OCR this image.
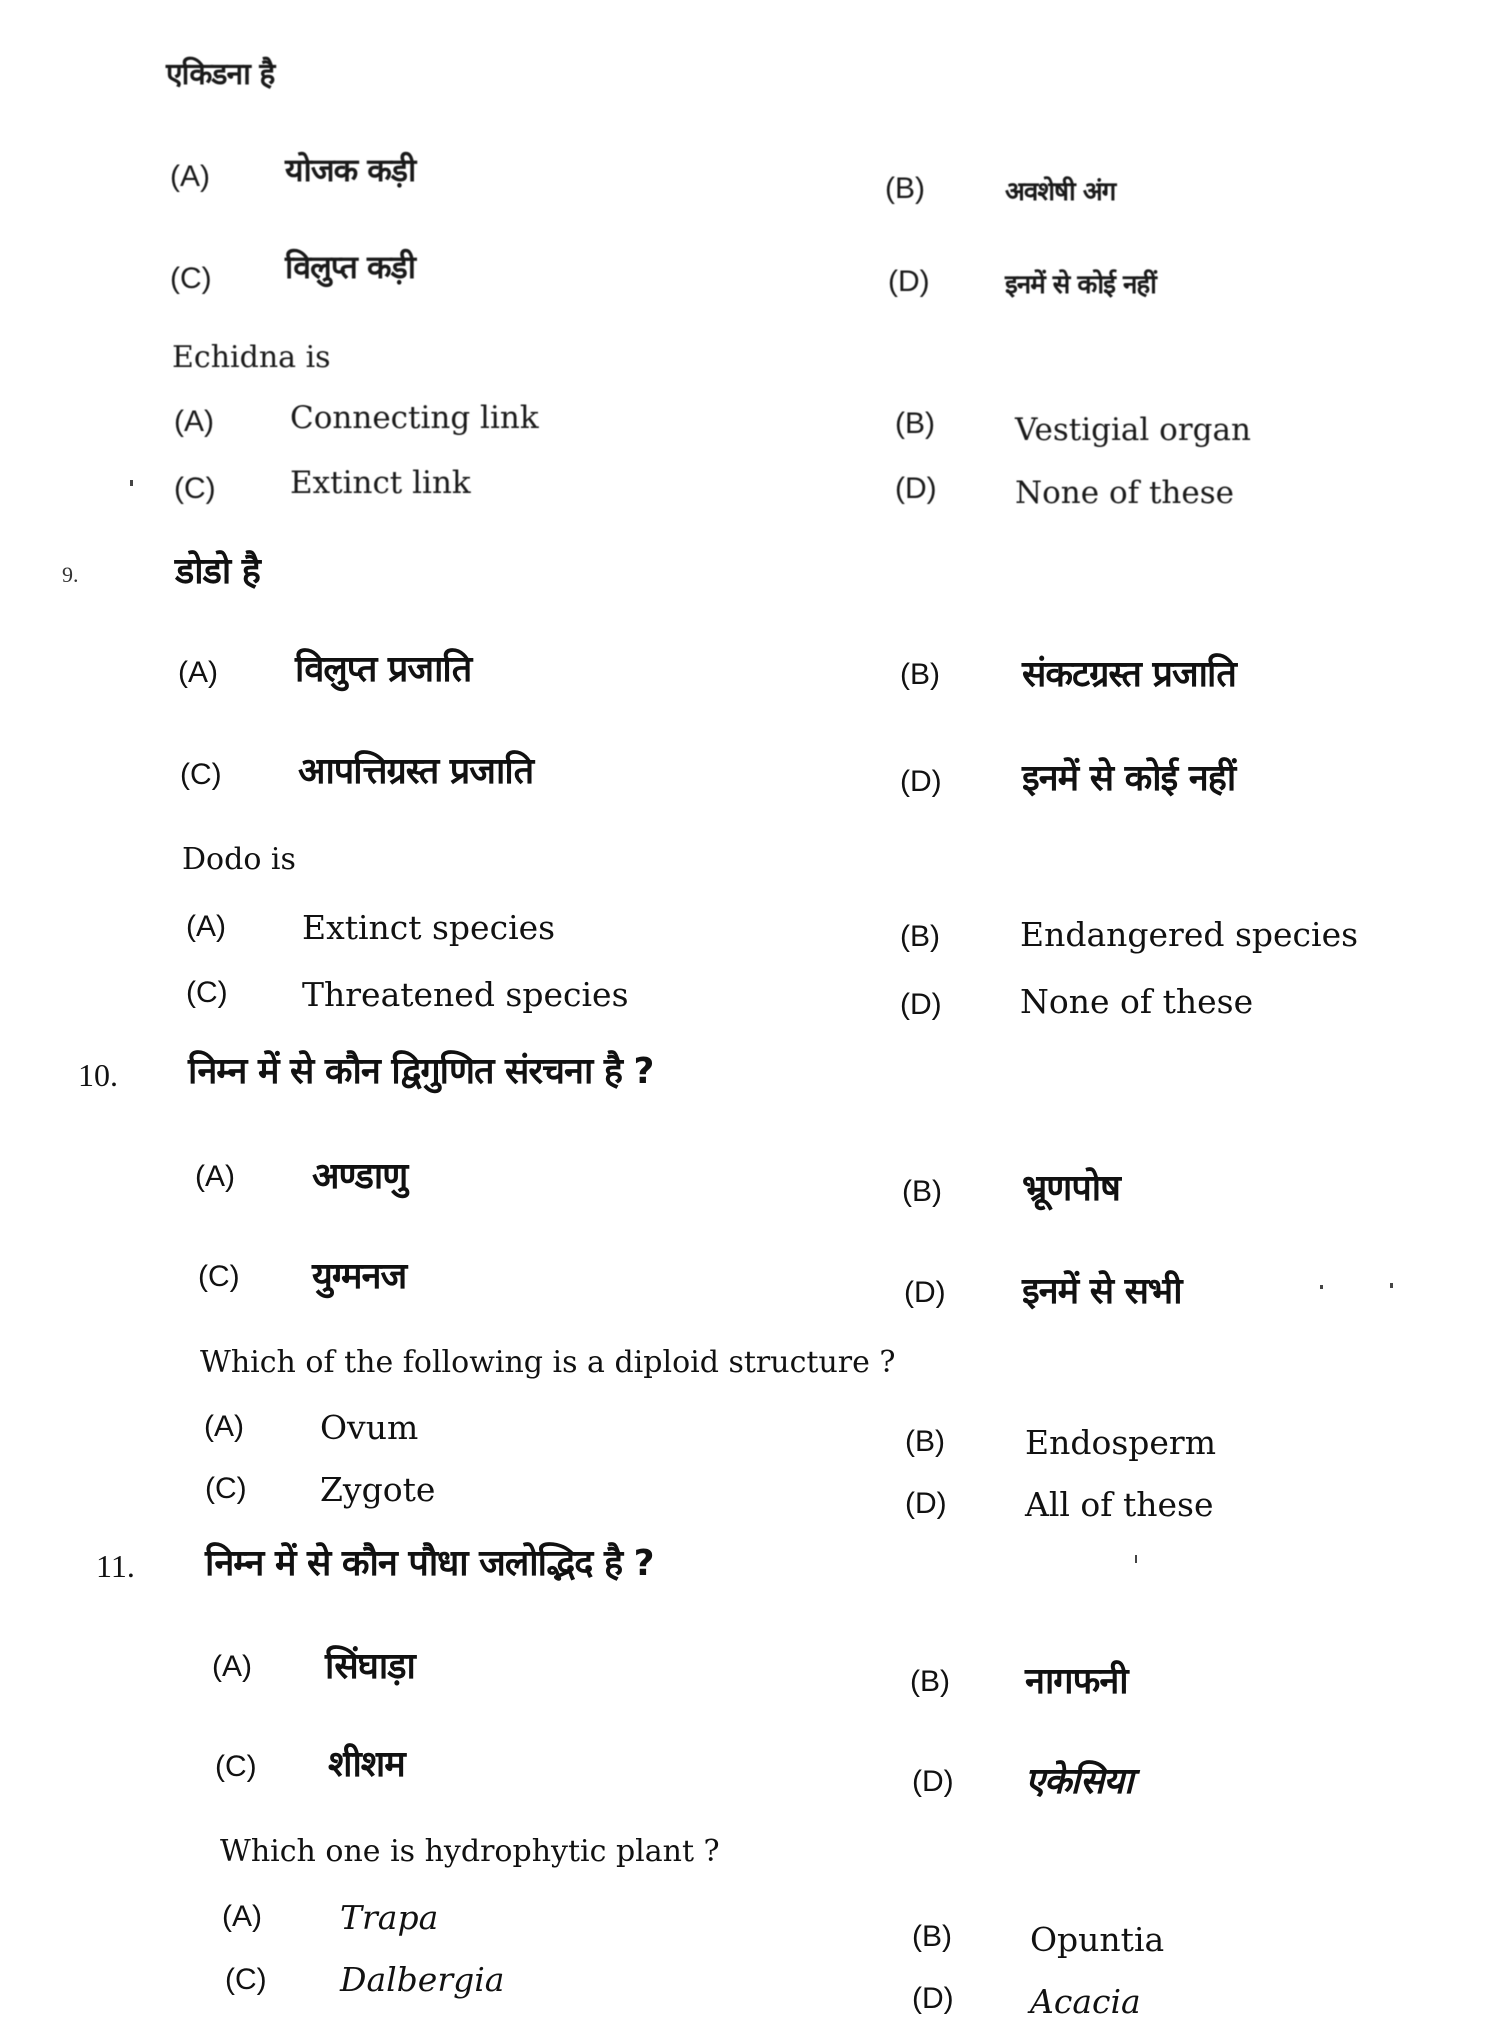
एकिडना है
(A) योजक कड़ी	(B)	अवशेषी अंग
(C) विलुप्त कड़ी	(D)	इनमें से कोई नहीं
Echidna is
(A) Connecting link	(B)	Vestigial organ
(C) Extinct link	(D)	None of these
9.	डोडो है
(A) विलुप्त प्रजाति	(B) संकटग्रस्त प्रजाति
(C) आपत्तिग्रस्त प्रजाति	(D) इनमें से कोई नहीं
Dodo is
(A) Extinct species	(B) Endangered species
(C) Threatened species	(D) None of these
10. निम्न में से कौन द्विगुणित संरचना है ?
(A) अण्डाणु	(B) भ्रूणपोष
(C) युग्मनज	(D) इनमें से सभी
Which of the following is a diploid structure ?
(A) Ovum	(B) Endosperm
(C) Zygote	(D) All of these
11. निम्न में से कौन पौधा जलोद्भिद है ?
(A) सिंघाड़ा	(B) नागफनी
(C) शीशम	(D) एकेसिया
Which one is hydrophytic plant ?
(A) Trapa	(B) Opuntia
(C) Dalbergia	(D) Acacia
